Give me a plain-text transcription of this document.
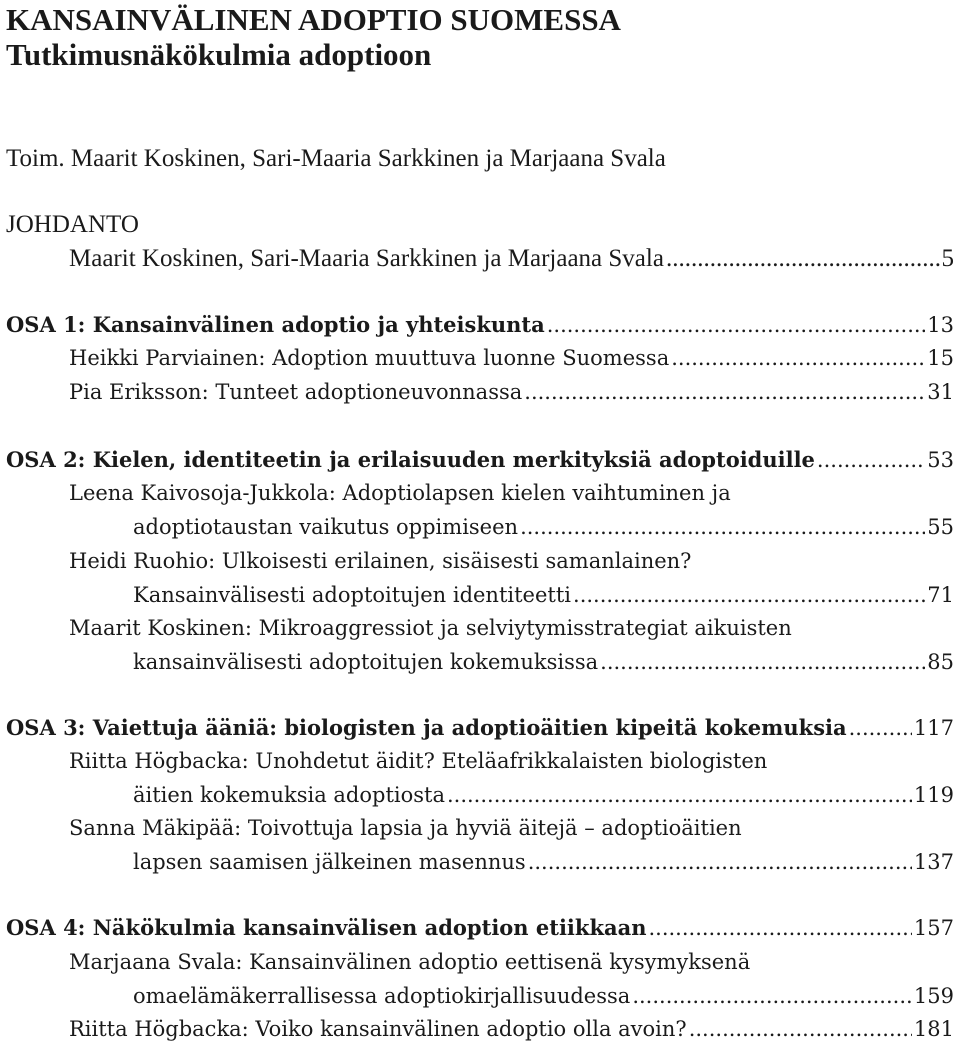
KANSAINVÄLINEN ADOPTIO SUOMESSA
Tutkimusnäkökulmia adoptioon
Toim. Maarit Koskinen, Sari-Maaria Sarkkinen ja Marjaana Svala
JOHDANTO
Maarit Koskinen, Sari-Maaria Sarkkinen ja Marjaana Svala .....	5
OSA 1: Kansainvälinen adoptio ja yhteiskunta .....	13
Heikki Parviainen: Adoption muuttuva luonne Suomessa .....	15
Pia Eriksson: Tunteet adoptioneuvonnassa .....	31
OSA 2: Kielen, identiteetin ja erilaisuuden merkityksiä adoptoiduille .....	53
Leena Kaivosoja-Jukkola: Adoptiolapsen kielen vaihtuminen ja
adoptiotaustan vaikutus oppimiseen .....	55
Heidi Ruohio: Ulkoisesti erilainen, sisäisesti samanlainen?
Kansainvälisesti adoptoitujen identiteetti .....	71
Maarit Koskinen: Mikroaggressiot ja selviytymisstrategiat aikuisten
kansainvälisesti adoptoitujen kokemuksissa .....	85
OSA 3: Vaiettuja ääniä: biologisten ja adoptioäitien kipeitä kokemuksia .....	117
Riitta Högbacka: Unohdetut äidit? Eteläafrikkalaisten biologisten
äitien kokemuksia adoptiosta .....	119
Sanna Mäkipää: Toivottuja lapsia ja hyviä äitejä – adoptioäitien
lapsen saamisen jälkeinen masennus .....	137
OSA 4: Näkökulmia kansainvälisen adoption etiikkaan .....	157
Marjaana Svala: Kansainvälinen adoptio eettisenä kysymyksenä
omaelämäkerrallisessa adoptiokirjallisuudessa .....	159
Riitta Högbacka: Voiko kansainvälinen adoptio olla avoin? .....	181
